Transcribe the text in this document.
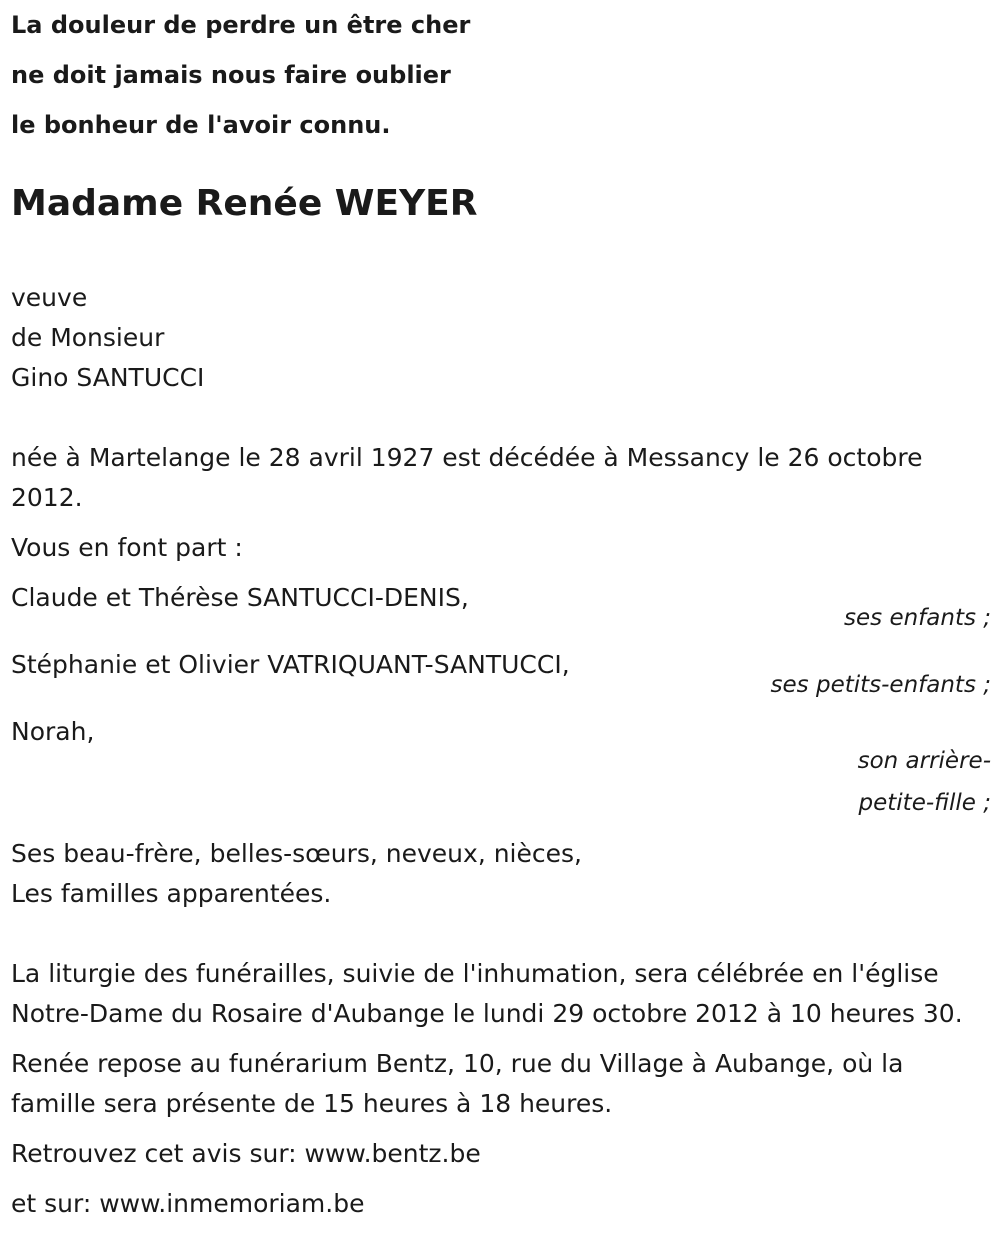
La douleur de perdre un être cher
ne doit jamais nous faire oublier
le bonheur de l'avoir connu.
Madame Renée WEYER
veuve
de Monsieur
Gino SANTUCCI
née à Martelange le 28 avril 1927 est décédée à Messancy le 26 octobre 2012.
Vous en font part :
Claude et Thérèse SANTUCCI-DENIS,
ses enfants ;
Stéphanie et Olivier VATRIQUANT-SANTUCCI,
ses petits-enfants ;
Norah,
son arrière-
petite-fille ;
Ses beau-frère, belles-sœurs, neveux, nièces,
Les familles apparentées.
La liturgie des funérailles, suivie de l'inhumation, sera célébrée en l'église Notre-Dame du Rosaire d'Aubange le lundi 29 octobre 2012 à 10 heures 30.
Renée repose au funérarium Bentz, 10, rue du Village à Aubange, où la famille sera présente de 15 heures à 18 heures.
Retrouvez cet avis sur: www.bentz.be
et sur: www.inmemoriam.be
